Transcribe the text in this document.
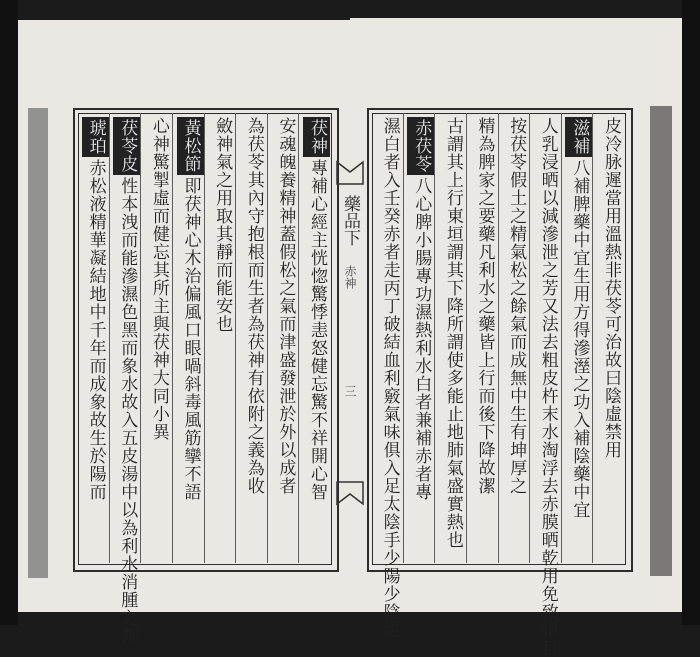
茯神專補心經主恍惚驚悸恚怒健忘驚不祥開心智
安魂魄養精神蓋假松之氣而津盛發泄於外以成者
為茯苓其內守抱根而生者為茯神有依附之義為收
斂神氣之用取其靜而能安也
黃松節即茯神心木治偏風口眼喎斜毒風筋攣不語
心神驚掣虛而健忘其所主與茯神大同小異
茯苓皮性本洩而能滲濕色黑而象水故入五皮湯中以為利水消腫之劑
琥珀赤松液精華凝結地中千年而成象故生於陽而	皮冷脉遲當用溫熱非茯苓可治故曰陰虛禁用
滋補八補脾藥中宜生用方得滲溼之功入補陰藥中宜
人乳浸晒以減滲泄之芳又法去粗皮杵末水淘浮去赤膜晒乾用免致損目
按茯苓假土之精氣松之餘氣而成無中生有坤厚之
精為脾家之要藥凡利水之藥皆上行而後下降故潔
古謂其上行東垣謂其下降所謂使多能止地肺氣盛實熱也
赤茯苓八心脾小腸專功濕熱利水白者兼補赤者專
濕白者入壬癸赤者走丙丁破結血利竅氣味俱入足太陰手少陽少陰經
藥品下
赤神
三
